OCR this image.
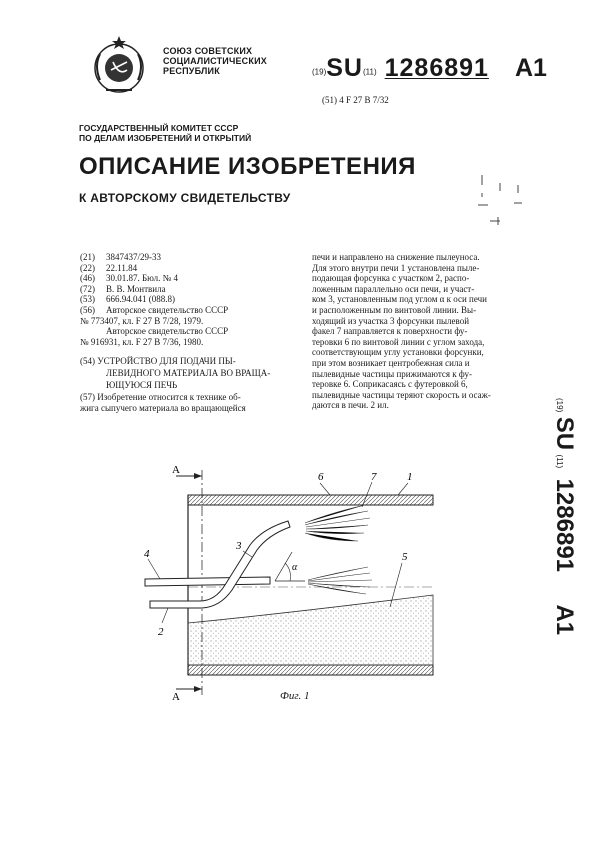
СОЮЗ СОВЕТСКИХ
СОЦИАЛИСТИЧЕСКИХ
РЕСПУБЛИК	(19)SU(11) 1286891 A1
(51) 4 F 27 B 7/32
ГОСУДАРСТВЕННЫЙ КОМИТЕТ СССР
ПО ДЕЛАМ ИЗОБРЕТЕНИЙ И ОТКРЫТИЙ
ОПИСАНИЕ ИЗОБРЕТЕНИЯ
К АВТОРСКОМУ СВИДЕТЕЛЬСТВУ
(21) 3847437/29-33
(22) 22.11.84
(46) 30.01.87. Бюл. № 4
(72) В. В. Монтвила
(53) 666.94.041 (088.8)
(56) Авторское свидетельство СССР
№ 773407, кл. F 27 B 7/28, 1979.
Авторское свидетельство СССР
№ 916931, кл. F 27 B 7/36, 1980.
(54) УСТРОЙСТВО ДЛЯ ПОДАЧИ ПЫ-
ЛЕВИДНОГО МАТЕРИАЛА ВО ВРАЩА-
ЮЩУЮСЯ ПЕЧЬ
(57) Изобретение относится к технике об-
жига сыпучего материала во вращающейся
печи и направлено на снижение пылеуноса.
Для этого внутри печи 1 установлена пыле-
подающая форсунка с участком 2, распо-
ложенным параллельно оси печи, и участ-
ком 3, установленным под углом α к оси печи
и расположенным по винтовой линии. Вы-
ходящий из участка 3 форсунки пылевой
факел 7 направляется к поверхности фу-
теровки 6 по винтовой линии с углом захода,
соответствующим углу установки форсунки,
при этом возникает центробежная сила и
пылевидные частицы прижимаются к фу-
теровке 6. Соприкасаясь с футеровкой 6,
пылевидные частицы теряют скорость и осаж-
даются в печи. 2 ил.	(19) SU (11) 1286891 A1
A
A
α
6	7	1
3
4
2
5
Фиг. 1
